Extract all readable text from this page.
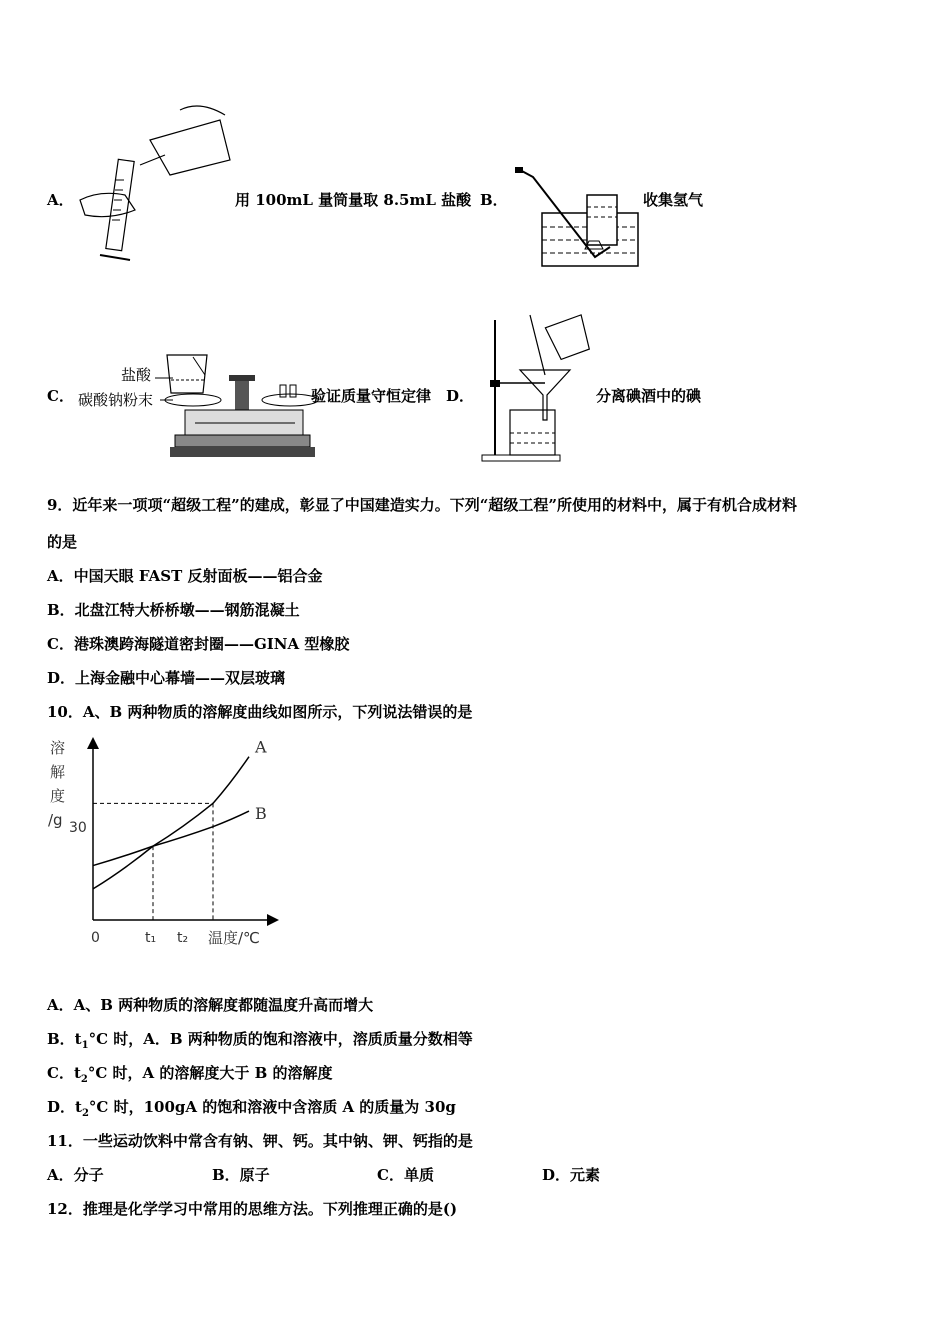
A．	用 100mL 量筒量取 8.5mL 盐酸 B．	收集氢气
C．
盐酸
碳酸钠粉末	验证质量守恒定律 D．	分离碘酒中的碘
9．近年来一项项“超级工程”的建成，彰显了中国建造实力。下列“超级工程”所使用的材料中，属于有机合成材料
的是
A．中国天眼 FAST 反射面板——铝合金
B．北盘江特大桥桥墩——钢筋混凝土
C．港珠澳跨海隧道密封圈——GINA 型橡胶
D．上海金融中心幕墙——双层玻璃
10．A、B 两种物质的溶解度曲线如图所示，下列说法错误的是
溶
解
度
/g 30
0	t₁ t₂ 温度/℃
A
B
A．A、B 两种物质的溶解度都随温度升高而增大
B．$t_1^\circ C$ 时，A．B 两种物质的饱和溶液中，溶质质量分数相等
C．$t_2^\circ C$ 时，A 的溶解度大于 B 的溶解度
D．$t_2^\circ C$ 时，100gA 的饱和溶液中含溶质 A 的质量为 30g
11．一些运动饮料中常含有钠、钾、钙。其中钠、钾、钙指的是
A．分子	B．原子	C．单质	D．元素
12．推理是化学学习中常用的思维方法。下列推理正确的是()
